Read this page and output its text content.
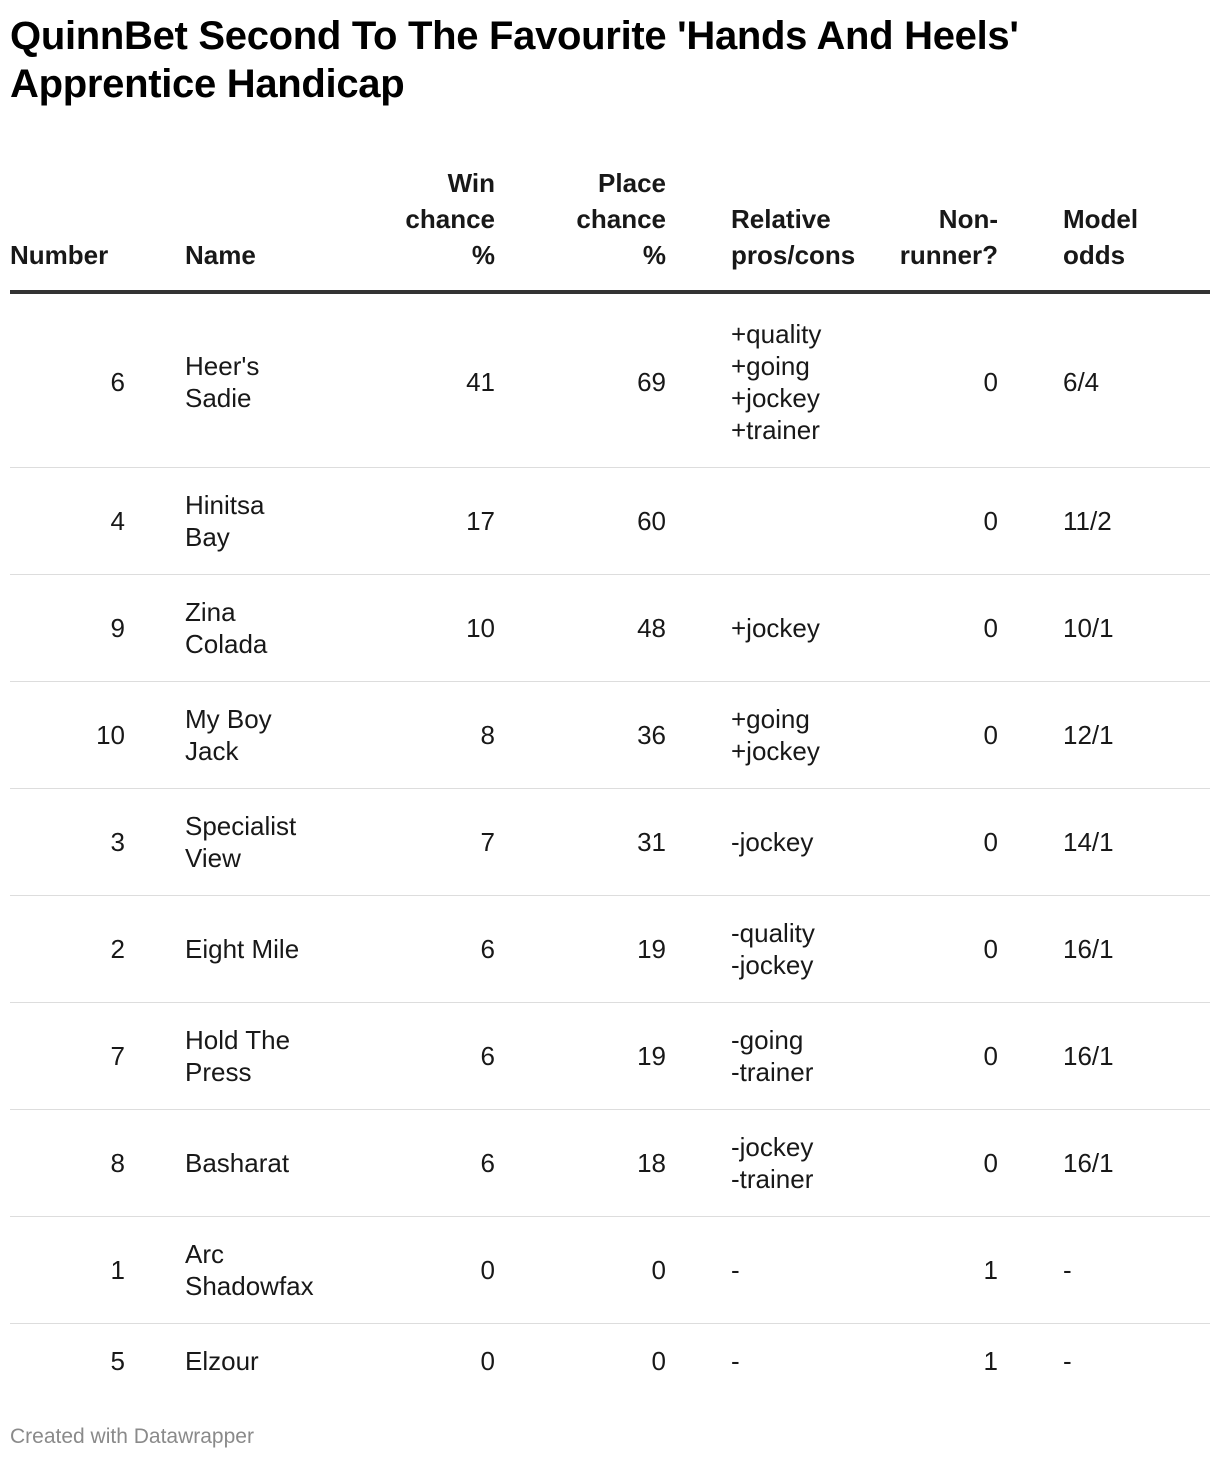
QuinnBet Second To The Favourite 'Hands And Heels' Apprentice Handicap
Number	Name	Win
chance
%	Place
chance
%	Relative
pros/cons	Non-
runner?	Model
odds

6	Heer's
Sadie	41	69	+quality
+going
+jockey
+trainer	0	6/4

4	Hinitsa
Bay	17	60		0	11/2

9	Zina
Colada	10	48	+jockey	0	10/1

10	My Boy
Jack	8	36	+going
+jockey	0	12/1

3	Specialist
View	7	31	-jockey	0	14/1

2	Eight Mile	6	19	-quality
-jockey	0	16/1

7	Hold The
Press	6	19	-going
-trainer	0	16/1

8	Basharat	6	18	-jockey
-trainer	0	16/1

1	Arc
Shadowfax	0	0	-	1	-

5	Elzour	0	0	-	1	-
Created with Datawrapper
